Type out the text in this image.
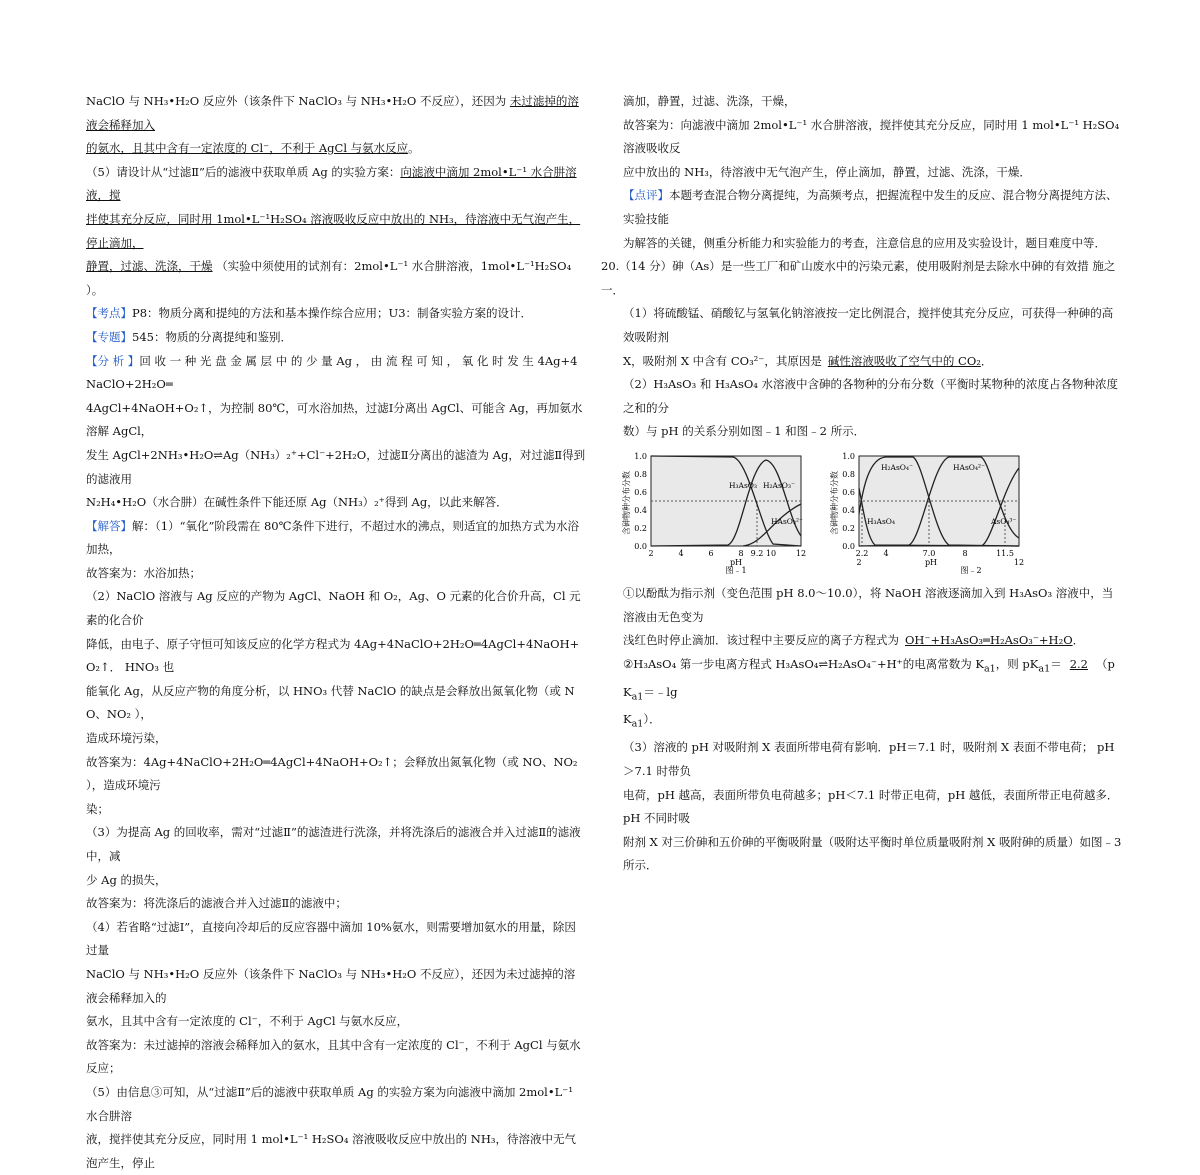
NaClO 与 NH₃•H₂O 反应外（该条件下 NaClO₃ 与 NH₃•H₂O 不反应），还因为 未过滤掉的溶液会稀释加入

的氨水，且其中含有一定浓度的 Cl⁻，不利于 AgCl 与氨水反应。

（5）请设计从“过滤Ⅱ”后的滤液中获取单质 Ag 的实验方案：向滤液中滴加 2mol•L⁻¹ 水合肼溶液，搅

拌使其充分反应，同时用 1mol•L⁻¹H₂SO₄ 溶液吸收反应中放出的 NH₃，待溶液中无气泡产生，停止滴加，

静置，过滤、洗涤，干燥 （实验中须使用的试剂有：2mol•L⁻¹ 水合肼溶液，1mol•L⁻¹H₂SO₄ ）。

【考点】P8：物质分离和提纯的方法和基本操作综合应用；U3：制备实验方案的设计．

【专题】545：物质的分离提纯和鉴别．

【分 析 】回 收 一 种 光 盘 金 属 层 中 的 少 量 Ag ， 由 流 程 可 知 ， 氧 化 时 发 生 4Ag+4NaClO+2H₂O═

4AgCl+4NaOH+O₂↑，为控制 80℃，可水浴加热，过滤Ⅰ分离出 AgCl、可能含 Ag，再加氨水溶解 AgCl，

发生 AgCl+2NH₃•H₂O⇌Ag（NH₃）₂⁺+Cl⁻+2H₂O，过滤Ⅱ分离出的滤渣为 Ag，对过滤Ⅱ得到的滤液用

N₂H₄•H₂O（水合肼）在碱性条件下能还原 Ag（NH₃）₂⁺得到 Ag，以此来解答．

【解答】解：（1）“氧化”阶段需在 80℃条件下进行，不超过水的沸点，则适宜的加热方式为水浴加热，

故答案为：水浴加热；

（2）NaClO 溶液与 Ag 反应的产物为 AgCl、NaOH 和 O₂，Ag、O 元素的化合价升高，Cl 元素的化合价

降低，由电子、原子守恒可知该反应的化学方程式为 4Ag+4NaClO+2H₂O═4AgCl+4NaOH+O₂↑． HNO₃ 也

能氧化 Ag，从反应产物的角度分析，以 HNO₃ 代替 NaClO 的缺点是会释放出氮氧化物（或 NO、NO₂ ），

造成环境污染，

故答案为：4Ag+4NaClO+2H₂O═4AgCl+4NaOH+O₂↑；会释放出氮氧化物（或 NO、NO₂ ），造成环境污

染；

（3）为提高 Ag 的回收率，需对“过滤Ⅱ”的滤渣进行洗涤，并将洗涤后的滤液合并入过滤Ⅱ的滤液中，减

少 Ag 的损失，

故答案为：将洗涤后的滤液合并入过滤Ⅱ的滤液中；

（4）若省略“过滤Ⅰ”，直接向冷却后的反应容器中滴加 10%氨水，则需要增加氨水的用量，除因过量

NaClO 与 NH₃•H₂O 反应外（该条件下 NaClO₃ 与 NH₃•H₂O 不反应），还因为未过滤掉的溶液会稀释加入的

氨水，且其中含有一定浓度的 Cl⁻，不利于 AgCl 与氨水反应，

故答案为：未过滤掉的溶液会稀释加入的氨水，且其中含有一定浓度的 Cl⁻，不利于 AgCl 与氨水反应；

（5）由信息③可知，从“过滤Ⅱ”后的滤液中获取单质 Ag 的实验方案为向滤液中滴加 2mol•L⁻¹ 水合肼溶

液，搅拌使其充分反应，同时用 1 mol•L⁻¹ H₂SO₄ 溶液吸收反应中放出的 NH₃，待溶液中无气泡产生，停止

滴加，静置，过滤、洗涤，干燥，

故答案为：向滤液中滴加 2mol•L⁻¹ 水合肼溶液，搅拌使其充分反应，同时用 1 mol•L⁻¹ H₂SO₄ 溶液吸收反

应中放出的 NH₃，待溶液中无气泡产生，停止滴加，静置，过滤、洗涤，干燥．

【点评】本题考查混合物分离提纯，为高频考点，把握流程中发生的反应、混合物分离提纯方法、实验技能

为解答的关键，侧重分析能力和实验能力的考查，注意信息的应用及实验设计，题目难度中等．

20.（14 分）砷（As）是一些工厂和矿山废水中的污染元素，使用吸附剂是去除水中砷的有效措 施之一．

（1）将硫酸锰、硝酸钇与氢氧化钠溶液按一定比例混合，搅拌使其充分反应，可获得一种砷的高效吸附剂

X，吸附剂 X 中含有 CO₃²⁻，其原因是 碱性溶液吸收了空气中的 CO₂．

（2）H₃AsO₃ 和 H₃AsO₄ 水溶液中含砷的各物种的分布分数（平衡时某物种的浓度占各物种浓度之和的分

数）与 pH 的关系分别如图﹣1 和图﹣2 所示．

含砷物种分布分数
1.0
0.8
0.6
0.4
0.2
0.0
H₃AsO₃ H₂AsO₃⁻
HAsO₃²⁻
2	4	6	8	10 12
9.2
pH
图﹣1
含砷物种分布分数
1.0
0.8
0.6
0.4
0.2
0.0
H₂AsO₄⁻	HAsO₄²⁻
H₃AsO₄	AsO₄³⁻
2.2 4	7.0	11.5
12
2
8
pH
图﹣2

①以酚酞为指示剂（变色范围 pH 8.0～10.0），将 NaOH 溶液逐滴加入到 H₃AsO₃ 溶液中，当溶液由无色变为

浅红色时停止滴加．该过程中主要反应的离子方程式为 OH⁻+H₃AsO₃═H₂AsO₃⁻+H₂O．

②H₃AsO₄ 第一步电离方程式 H₃AsO₄⇌H₂AsO₄⁻+H⁺的电离常数为 $K_{a1}$，则 $pK_{a1}= 2.2$ （p $K_{a1}=﹣\lg$

$K_{a1}$）．

（3）溶液的 pH 对吸附剂 X 表面所带电荷有影响．pH＝7.1 时，吸附剂 X 表面不带电荷； pH＞7.1 时带负

电荷，pH 越高，表面所带负电荷越多；pH＜7.1 时带正电荷，pH 越低，表面所带正电荷越多．pH 不同时吸

附剂 X 对三价砷和五价砷的平衡吸附量（吸附达平衡时单位质量吸附剂 X 吸附砷的质量）如图﹣3 所示．
